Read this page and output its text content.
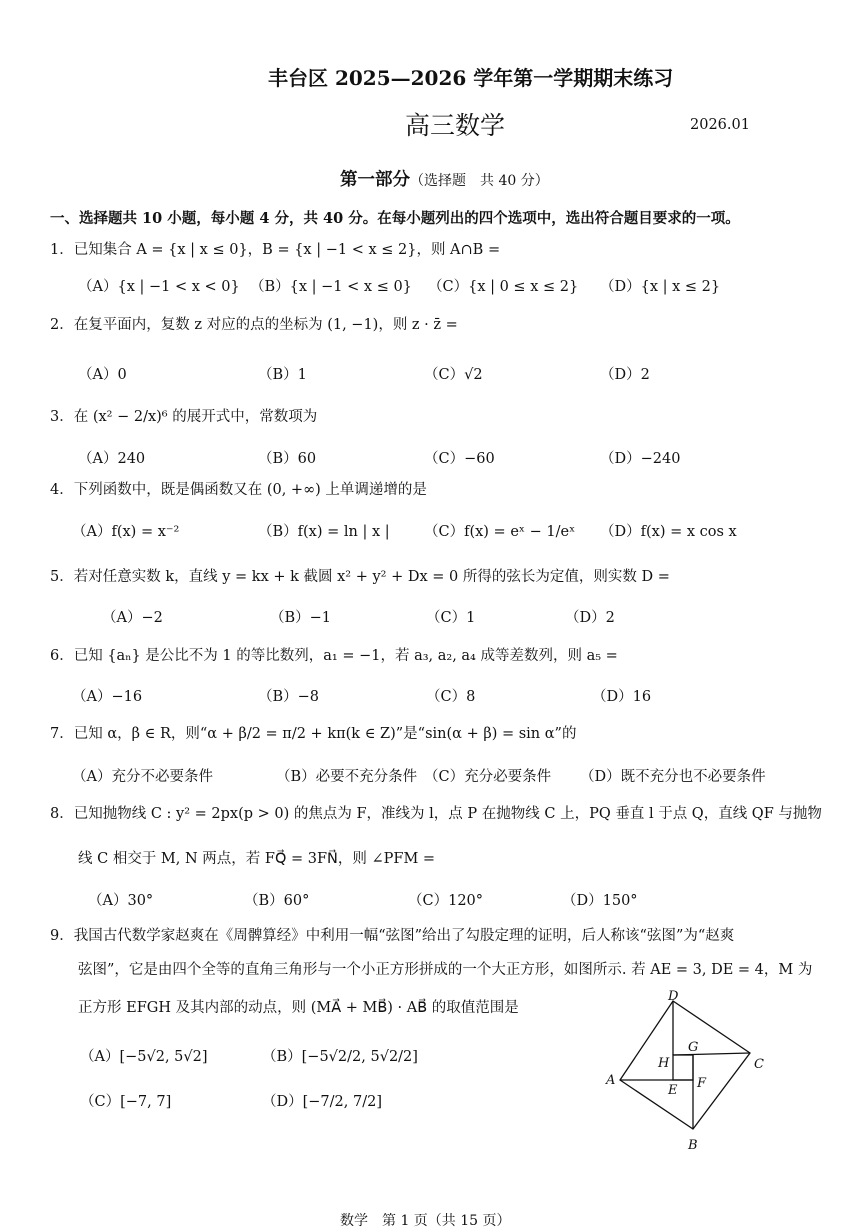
丰台区 2025—2026 学年第一学期期末练习
高三数学	2026.01
第一部分（选择题　共 40 分）
一、选择题共 10 小题，每小题 4 分，共 40 分。在每小题列出的四个选项中，选出符合题目要求的一项。
1．已知集合 A = {x | x ≤ 0}，B = {x | −1 < x ≤ 2}，则 A∩B =
（A）{x | −1 < x < 0} （B）{x | −1 < x ≤ 0} （C）{x | 0 ≤ x ≤ 2} （D）{x | x ≤ 2}
2．在复平面内，复数 z 对应的点的坐标为 (1, −1)，则 z · z̄ =
（A）0	（B）1	（C）√2	（D）2
3．在 (x² − 2/x)⁶ 的展开式中，常数项为
（A）240	（B）60	（C）−60	（D）−240
4．下列函数中，既是偶函数又在 (0, +∞) 上单调递增的是
（A）f(x) = x⁻²	（B）f(x) = ln | x | （C）f(x) = eˣ − 1/eˣ （D）f(x) = x cos x
5．若对任意实数 k，直线 y = kx + k 截圆 x² + y² + Dx = 0 所得的弦长为定值，则实数 D =
（A）−2	（B）−1	（C）1	（D）2
6．已知 {aₙ} 是公比不为 1 的等比数列，a₁ = −1，若 a₃, a₂, a₄ 成等差数列，则 a₅ =
（A）−16	（B）−8	（C）8	（D）16
7．已知 α，β ∈ R，则“α + β/2 = π/2 + kπ(k ∈ Z)”是“sin(α + β) = sin α”的
（A）充分不必要条件	（B）必要不充分条件 （C）充分必要条件 （D）既不充分也不必要条件
8．已知抛物线 C : y² = 2px(p > 0) 的焦点为 F，准线为 l，点 P 在抛物线 C 上，PQ 垂直 l 于点 Q，直线 QF 与抛物
线 C 相交于 M, N 两点，若 FQ⃗ = 3FN⃗，则 ∠PFM =
（A）30°	（B）60°	（C）120°	（D）150°
9．我国古代数学家赵爽在《周髀算经》中利用一幅“弦图”给出了勾股定理的证明，后人称该“弦图”为“赵爽
弦图”，它是由四个全等的直角三角形与一个小正方形拼成的一个大正方形，如图所示. 若 AE = 3, DE = 4，M 为
正方形 EFGH 及其内部的动点，则 (MA⃗ + MB⃗) · AB⃗ 的取值范围是
（A）[−5√2, 5√2]	（B）[−5√2/2, 5√2/2]
（C）[−7, 7]	（D）[−7/2, 7/2]
D
C
A
B
H
G
E F
数学　第 1 页（共 15 页）
